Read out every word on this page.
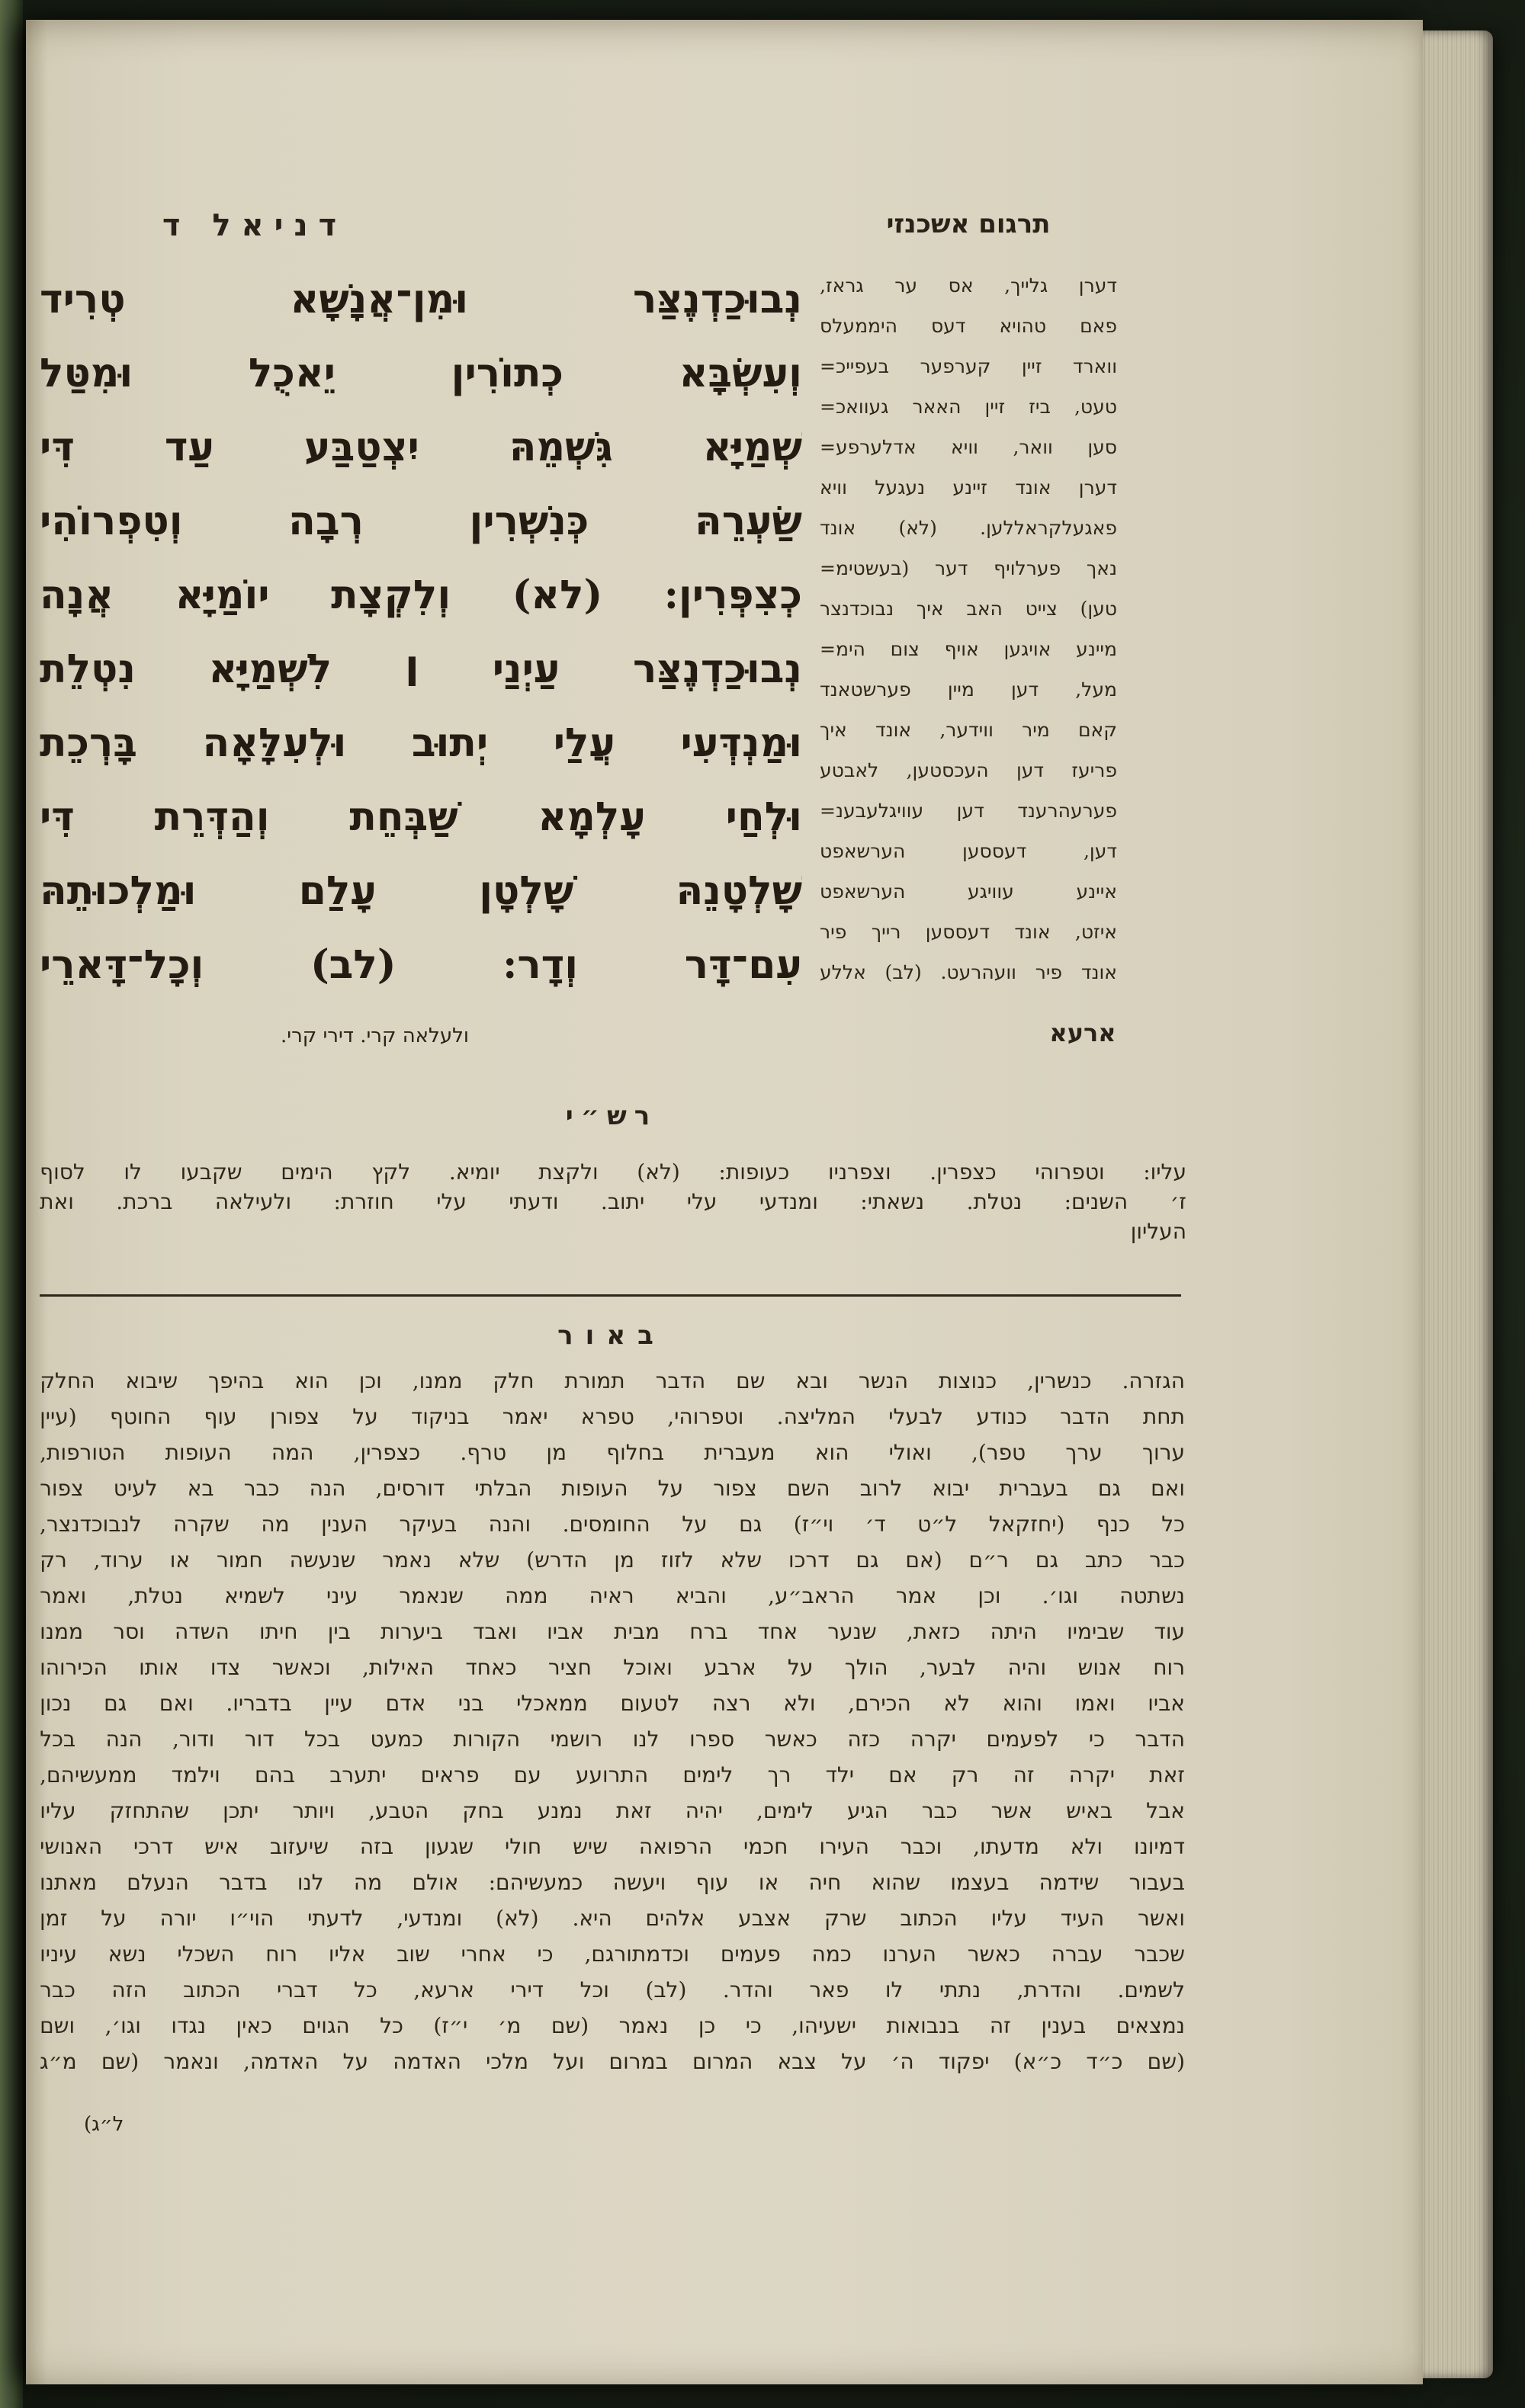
דניאל ד	תרגום אשכנזי
נְבוּכַדְנֶצַּר
וּמִן־אֲנָשָׁא
טְרִיד
וְעִשְׂבָּא
כְתוֹרִין
יֵאכֻל
וּמִטַּל
שְׁמַיָּא
גִּשְׁמֵהּ
יִצְטַבַּע
עַד
דִּי
שַׂעְרֵהּ
כְּנִשְׁרִין
רְבָה
וְטִפְרוֹהִי
כְצִפְּרִין:
(לא)
וְלִקְצָת
יוֹמַיָּא
אֲנָה
נְבוּכַדְנֶצַּר
עַיְנַי
׀
לִשְׁמַיָּא
נִטְלֵת
וּמַנְדְּעִי
עֲלַי
יְתוּב
וּלְעִלָּאָה
בָּרְכֵת
וּלְחַי
עָלְמָא
שַׁבְּחֵת
וְהַדְּרֵת
דִּי
שָׁלְטָנֵהּ
שָׁלְטָן
עָלַם
וּמַלְכוּתֵהּ
עִם־דָּר
וְדָר:
(לב)
וְכָל־דָּארֵי
דערן
גלייך,
אס
ער
גראז,
פאם
טהויא
דעס
היממעלס
ווארד
זיין
קערפער
בעפייכ=
טעט,
ביז
זיין
האאר
געוואכ=
סען
וואר,
וויא
אדלערפע=
דערן
אונד
זיינע
נעגעל
וויא
פאגעלקראללען.
(לא)
אונד
נאך
פערלויף
דער
(בעשטימ=
טען)
צייט
האב
איך
נבוכדנצר
מיינע
אויגען
אויף
צום
הימ=
מעל,
דען
מיין
פערשטאנד
קאם
מיר
ווידער,
אונד
איך
פריעז
דען
העכסטען,
לאבטע
פערעהרענד
דען
עוויגלעבענ=
דען,
דעססען
הערשאפט
איינע
עוויגע
הערשאפט
איזט,
אונד
דעססען
רייך
פיר
אונד
פיר
וועהרעט.
(לב)
אללע
ולעלאה קרי. דירי קרי.	ארעא
רש״י
עליו:
וטפרוהי
כצפרין.
וצפרניו
כעופות:
(לא)
ולקצת
יומיא.
לקץ
הימים
שקבעו
לו
לסוף
ז׳
השנים:
נטלת.
נשאתי:
ומנדעי
עלי
יתוב.
ודעתי
עלי
חוזרת:
ולעילאה
ברכת.
ואת
העליון
באור
הגזרה.
כנשרין,
כנוצות
הנשר
ובא
שם
הדבר
תמורת
חלק
ממנו,
וכן
הוא
בהיפך
שיבוא
החלק
תחת
הדבר
כנודע
לבעלי
המליצה.
וטפרוהי,
טפרא
יאמר
בניקוד
על
צפורן
עוף
החוטף
(עיין
ערוך
ערך
טפר),
ואולי
הוא
מעברית
בחלוף
מן
טרף.
כצפרין,
המה
העופות
הטורפות,
ואם
גם
בעברית
יבוא
לרוב
השם
צפור
על
העופות
הבלתי
דורסים,
הנה
כבר
בא
לעיט
צפור
כל
כנף
(יחזקאל
ל״ט
ד׳
וי״ז)
גם
על
החומסים.
והנה
בעיקר
הענין
מה
שקרה
לנבוכדנצר,
כבר
כתב
גם
ר״ם
(אם
גם
דרכו
שלא
לזוז
מן
הדרש)
שלא
נאמר
שנעשה
חמור
או
ערוד,
רק
נשתטה
וגו׳.
וכן
אמר
הראב״ע,
והביא
ראיה
ממה
שנאמר
עיני
לשמיא
נטלת,
ואמר
עוד
שבימיו
היתה
כזאת,
שנער
אחד
ברח
מבית
אביו
ואבד
ביערות
בין
חיתו
השדה
וסר
ממנו
רוח
אנוש
והיה
לבער,
הולך
על
ארבע
ואוכל
חציר
כאחד
האילות,
וכאשר
צדו
אותו
הכירוהו
אביו
ואמו
והוא
לא
הכירם,
ולא
רצה
לטעום
ממאכלי
בני
אדם
עיין
בדבריו.
ואם
גם
נכון
הדבר
כי
לפעמים
יקרה
כזה
כאשר
ספרו
לנו
רושמי
הקורות
כמעט
בכל
דור
ודור,
הנה
בכל
זאת
יקרה
זה
רק
אם
ילד
רך
לימים
התרועע
עם
פראים
יתערב
בהם
וילמד
ממעשיהם,
אבל
באיש
אשר
כבר
הגיע
לימים,
יהיה
זאת
נמנע
בחק
הטבע,
ויותר
יתכן
שהתחזק
עליו
דמיונו
ולא
מדעתו,
וכבר
העירו
חכמי
הרפואה
שיש
חולי
שגעון
בזה
שיעזוב
איש
דרכי
האנושי
בעבור
שידמה
בעצמו
שהוא
חיה
או
עוף
ויעשה
כמעשיהם:
אולם
מה
לנו
בדבר
הנעלם
מאתנו
ואשר
העיד
עליו
הכתוב
שרק
אצבע
אלהים
היא.
(לא)
ומנדעי,
לדעתי
הוי״ו
יורה
על
זמן
שכבר
עברה
כאשר
הערנו
כמה
פעמים
וכדמתורגם,
כי
אחרי
שוב
אליו
רוח
השכלי
נשא
עיניו
לשמים.
והדרת,
נתתי
לו
פאר
והדר.
(לב)
וכל
דירי
ארעא,
כל
דברי
הכתוב
הזה
כבר
נמצאים
בענין
זה
בנבואות
ישעיהו,
כי
כן
נאמר
(שם
מ׳
י״ז)
כל
הגוים
כאין
נגדו
וגו׳,
ושם
(שם
כ״ד
כ״א)
יפקוד
ה׳
על
צבא
המרום
במרום
ועל
מלכי
האדמה
על
האדמה,
ונאמר
(שם
מ״ג
ל״ג)
